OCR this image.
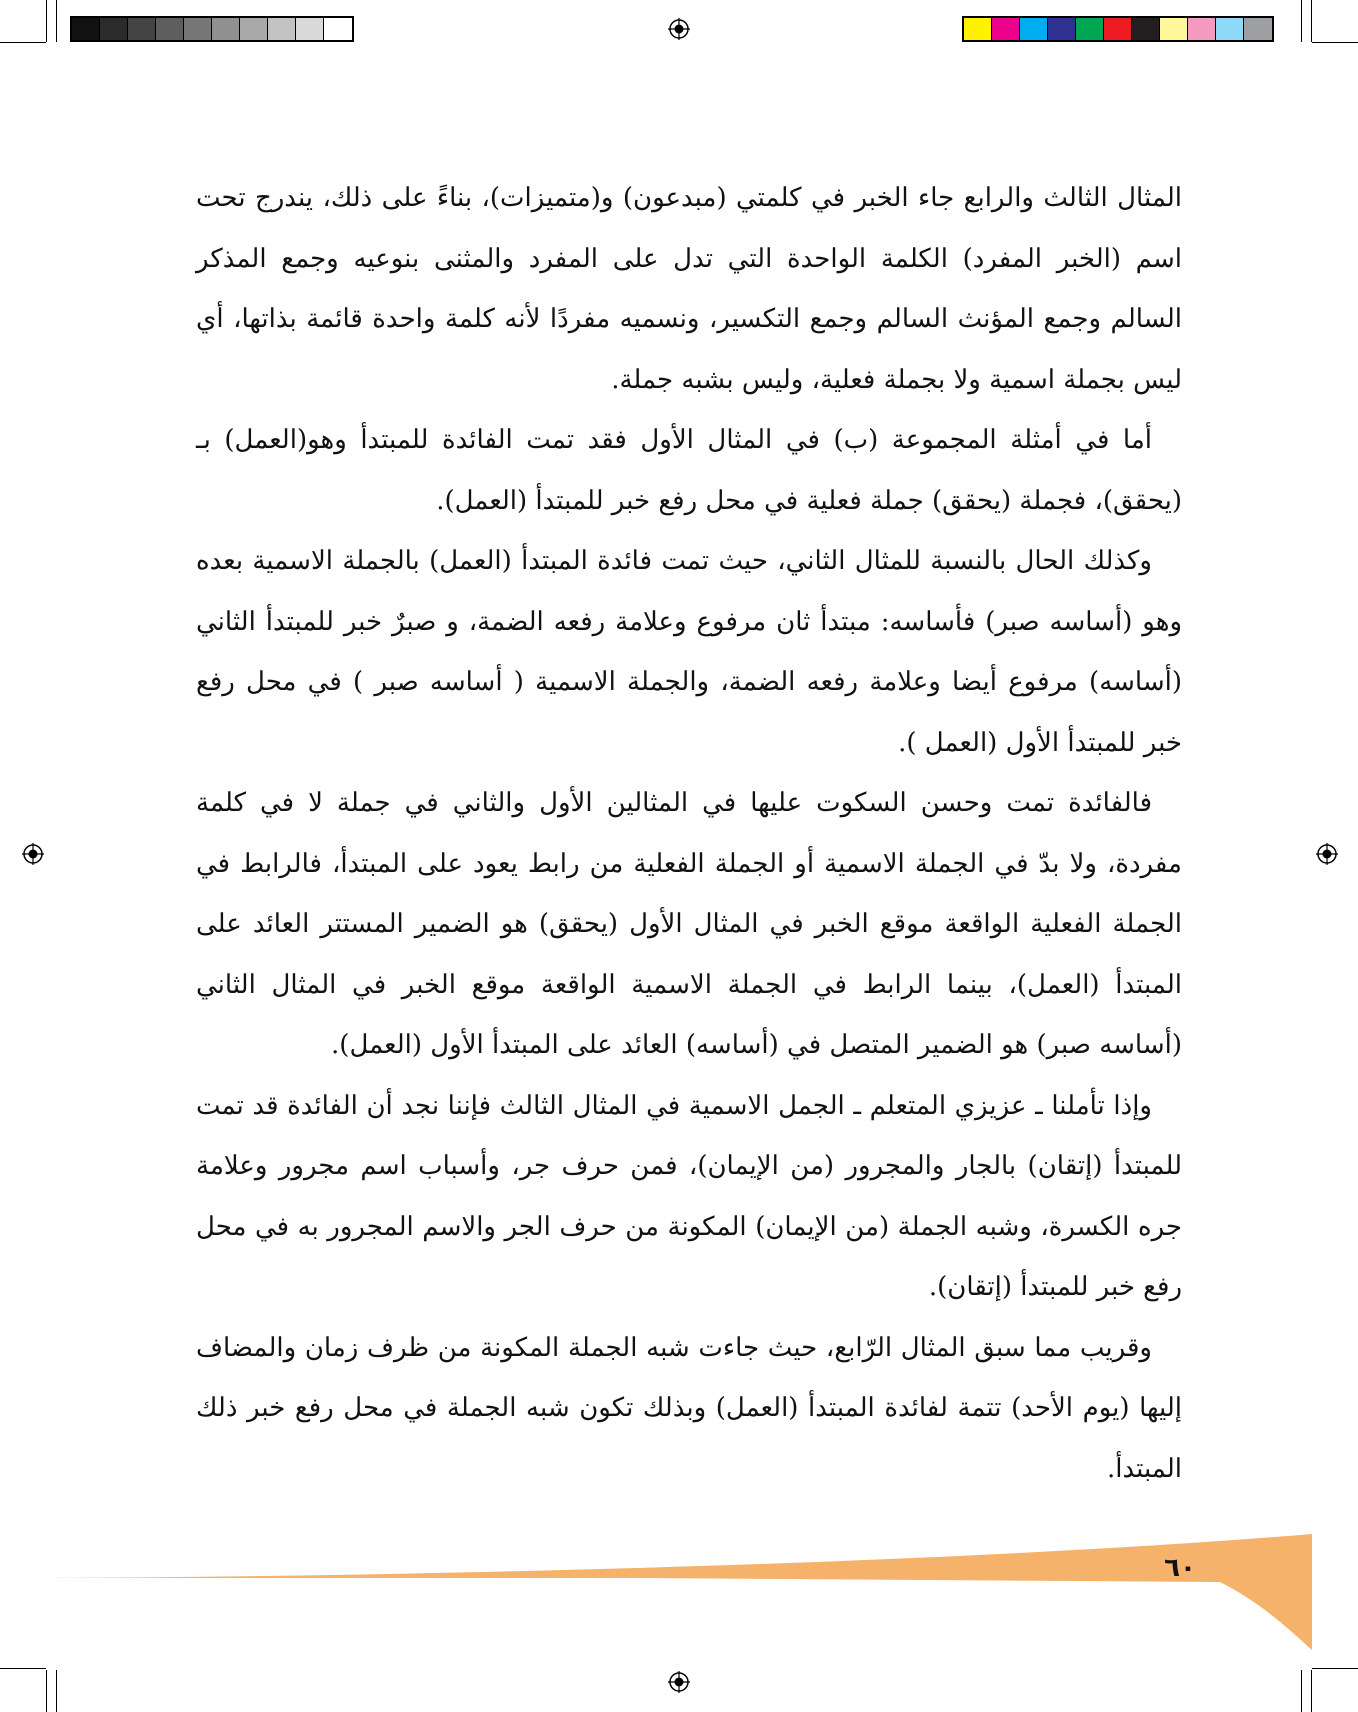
المثال الثالث والرابع جاء الخبر في كلمتي (مبدعون) و(متميزات)، بناءً على ذلك، يندرج تحت اسم (الخبر المفرد) الكلمة الواحدة التي تدل على المفرد والمثنى بنوعيه وجمع المذكر السالم وجمع المؤنث السالم وجمع التكسير، ونسميه مفردًا لأنه كلمة واحدة قائمة بذاتها، أي ليس بجملة اسمية ولا بجملة فعلية، وليس بشبه جملة.

أما في أمثلة المجموعة (ب) في المثال الأول فقد تمت الفائدة للمبتدأ وهو(العمل) بـ (يحقق)، فجملة (يحقق) جملة فعلية في محل رفع خبر للمبتدأ (العمل).

وكذلك الحال بالنسبة للمثال الثاني، حيث تمت فائدة المبتدأ (العمل) بالجملة الاسمية بعده وهو (أساسه صبر) فأساسه: مبتدأ ثان مرفوع وعلامة رفعه الضمة، و صبرٌ خبر للمبتدأ الثاني (أساسه) مرفوع أيضا وعلامة رفعه الضمة، والجملة الاسمية ( أساسه صبر ) في محل رفع خبر للمبتدأ الأول (العمل ).

فالفائدة تمت وحسن السكوت عليها في المثالين الأول والثاني في جملة لا في كلمة مفردة، ولا بدّ في الجملة الاسمية أو الجملة الفعلية من رابط يعود على المبتدأ، فالرابط في الجملة الفعلية الواقعة موقع الخبر في المثال الأول (يحقق) هو الضمير المستتر العائد على المبتدأ (العمل)، بينما الرابط في الجملة الاسمية الواقعة موقع الخبر في المثال الثاني (أساسه صبر) هو الضمير المتصل في (أساسه) العائد على المبتدأ الأول (العمل).

وإذا تأملنا ـ عزيزي المتعلم ـ الجمل الاسمية في المثال الثالث فإننا نجد أن الفائدة قد تمت للمبتدأ (إتقان) بالجار والمجرور (من الإيمان)، فمن حرف جر، وأسباب اسم مجرور وعلامة جره الكسرة، وشبه الجملة (من الإيمان) المكونة من حرف الجر والاسم المجرور به في محل رفع خبر للمبتدأ (إتقان).

وقريب مما سبق المثال الرّابع، حيث جاءت شبه الجملة المكونة من ظرف زمان والمضاف إليها (يوم الأحد) تتمة لفائدة المبتدأ (العمل) وبذلك تكون شبه الجملة في محل رفع خبر ذلك المبتدأ.

٦٠
